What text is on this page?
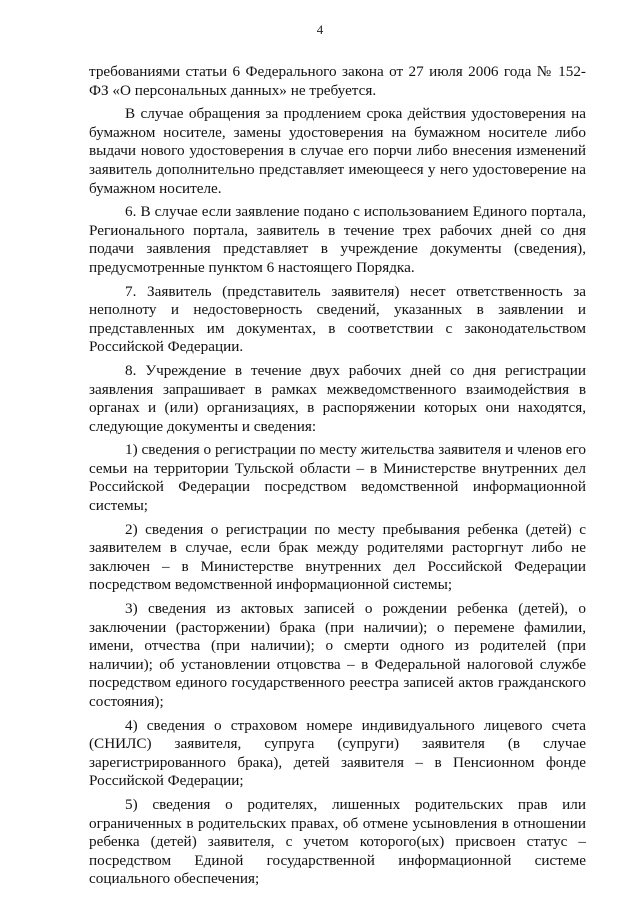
4

требованиями статьи 6 Федерального закона от 27 июля 2006 года № 152-ФЗ «О персональных данных» не требуется.

В случае обращения за продлением срока действия удостоверения на бумажном носителе, замены удостоверения на бумажном носителе либо выдачи нового удостоверения в случае его порчи либо внесения изменений заявитель дополнительно представляет имеющееся у него удостоверение на бумажном носителе.

6. В случае если заявление подано с использованием Единого портала, Регионального портала, заявитель в течение трех рабочих дней со дня подачи заявления представляет в учреждение документы (сведения), предусмотренные пунктом 6 настоящего Порядка.

7. Заявитель (представитель заявителя) несет ответственность за неполноту и недостоверность сведений, указанных в заявлении и представленных им документах, в соответствии с законодательством Российской Федерации.

8. Учреждение в течение двух рабочих дней со дня регистрации заявления запрашивает в рамках межведомственного взаимодействия в органах и (или) организациях, в распоряжении которых они находятся, следующие документы и сведения:

1) сведения о регистрации по месту жительства заявителя и членов его семьи на территории Тульской области – в Министерстве внутренних дел Российской Федерации посредством ведомственной информационной системы;

2) сведения о регистрации по месту пребывания ребенка (детей) с заявителем в случае, если брак между родителями расторгнут либо не заключен – в Министерстве внутренних дел Российской Федерации посредством ведомственной информационной системы;

3) сведения из актовых записей о рождении ребенка (детей), о заключении (расторжении) брака (при наличии); о перемене фамилии, имени, отчества (при наличии); о смерти одного из родителей (при наличии); об установлении отцовства – в Федеральной налоговой службе посредством единого государственного реестра записей актов гражданского состояния);

4) сведения о страховом номере индивидуального лицевого счета (СНИЛС) заявителя, супруга (супруги) заявителя (в случае зарегистрированного брака), детей заявителя – в Пенсионном фонде Российской Федерации;

5) сведения о родителях, лишенных родительских прав или ограниченных в родительских правах, об отмене усыновления в отношении ребенка (детей) заявителя, с учетом которого(ых) присвоен статус – посредством Единой государственной информационной системе социального обеспечения;
